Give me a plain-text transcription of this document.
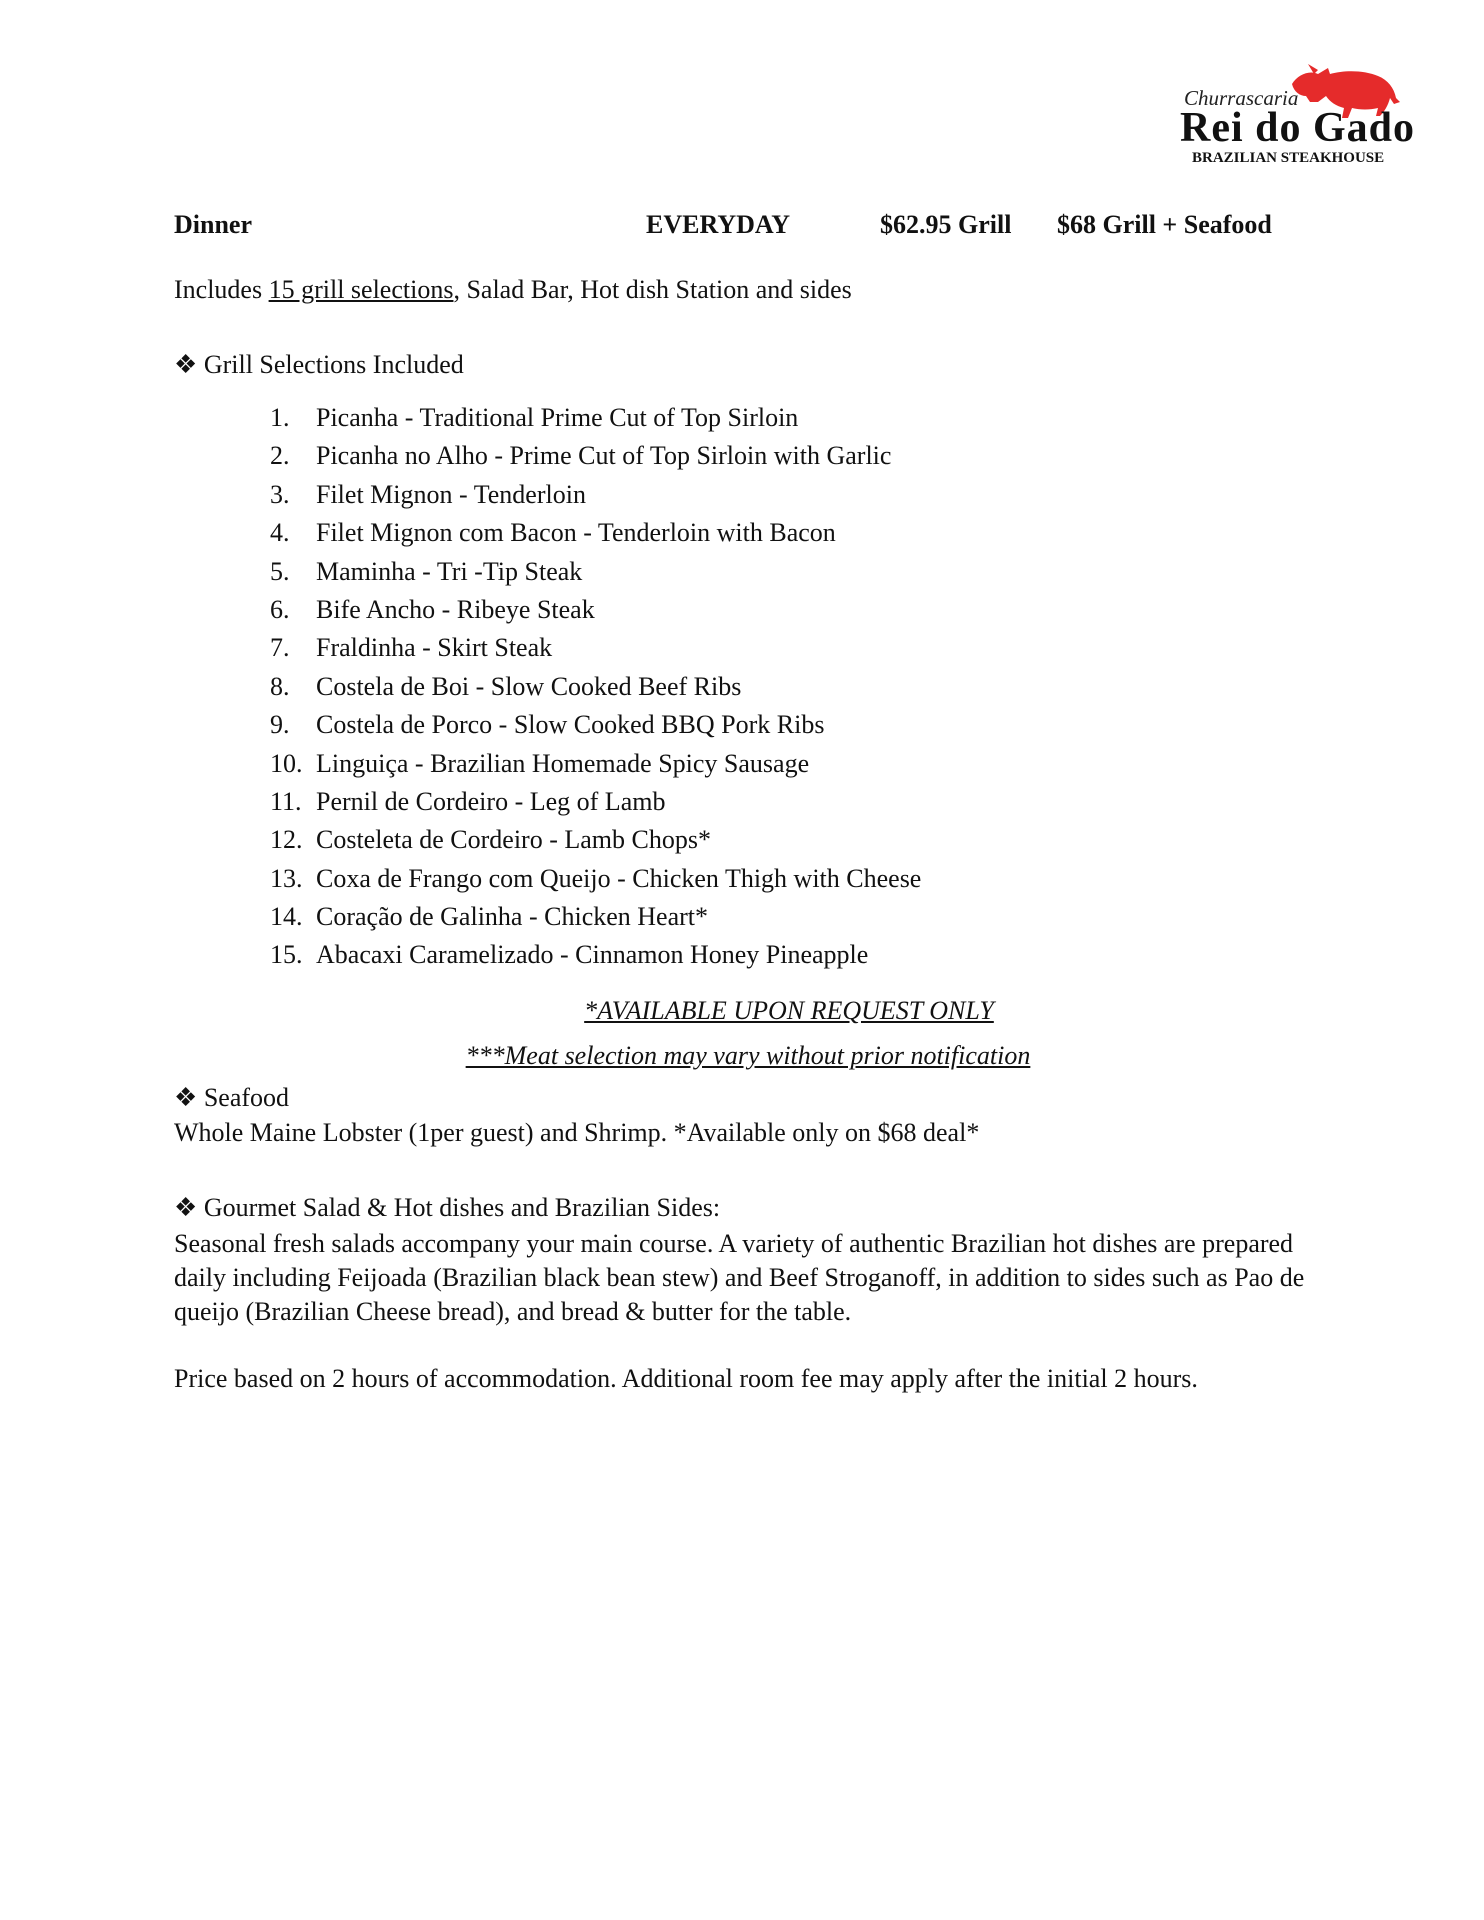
Churrascaria
Rei do Gado
BRAZILIAN STEAKHOUSE
Dinner	EVERYDAY	$62.95 Grill $68 Grill + Seafood
Includes 15 grill selections, Salad Bar, Hot dish Station and sides
❖ Grill Selections Included
1.	Picanha - Traditional Prime Cut of Top Sirloin
2.	Picanha no Alho - Prime Cut of Top Sirloin with Garlic
3.	Filet Mignon - Tenderloin
4.	Filet Mignon com Bacon - Tenderloin with Bacon
5.	Maminha - Tri -Tip Steak
6.	Bife Ancho - Ribeye Steak
7.	Fraldinha - Skirt Steak
8.	Costela de Boi - Slow Cooked Beef Ribs
9.	Costela de Porco - Slow Cooked BBQ Pork Ribs
10. Linguiça - Brazilian Homemade Spicy Sausage
11. Pernil de Cordeiro - Leg of Lamb
12. Costeleta de Cordeiro - Lamb Chops*
13. Coxa de Frango com Queijo - Chicken Thigh with Cheese
14. Coração de Galinha - Chicken Heart*
15. Abacaxi Caramelizado - Cinnamon Honey Pineapple
*AVAILABLE UPON REQUEST ONLY
***Meat selection may vary without prior notification
❖ Seafood
Whole Maine Lobster (1per guest) and Shrimp. *Available only on $68 deal*
❖ Gourmet Salad & Hot dishes and Brazilian Sides:

Seasonal fresh salads accompany your main course. A variety of authentic Brazilian hot dishes are prepared daily including Feijoada (Brazilian black bean stew) and Beef Stroganoff, in addition to sides such as Pao de queijo (Brazilian Cheese bread), and bread & butter for the table.

Price based on 2 hours of accommodation. Additional room fee may apply after the initial 2 hours.
